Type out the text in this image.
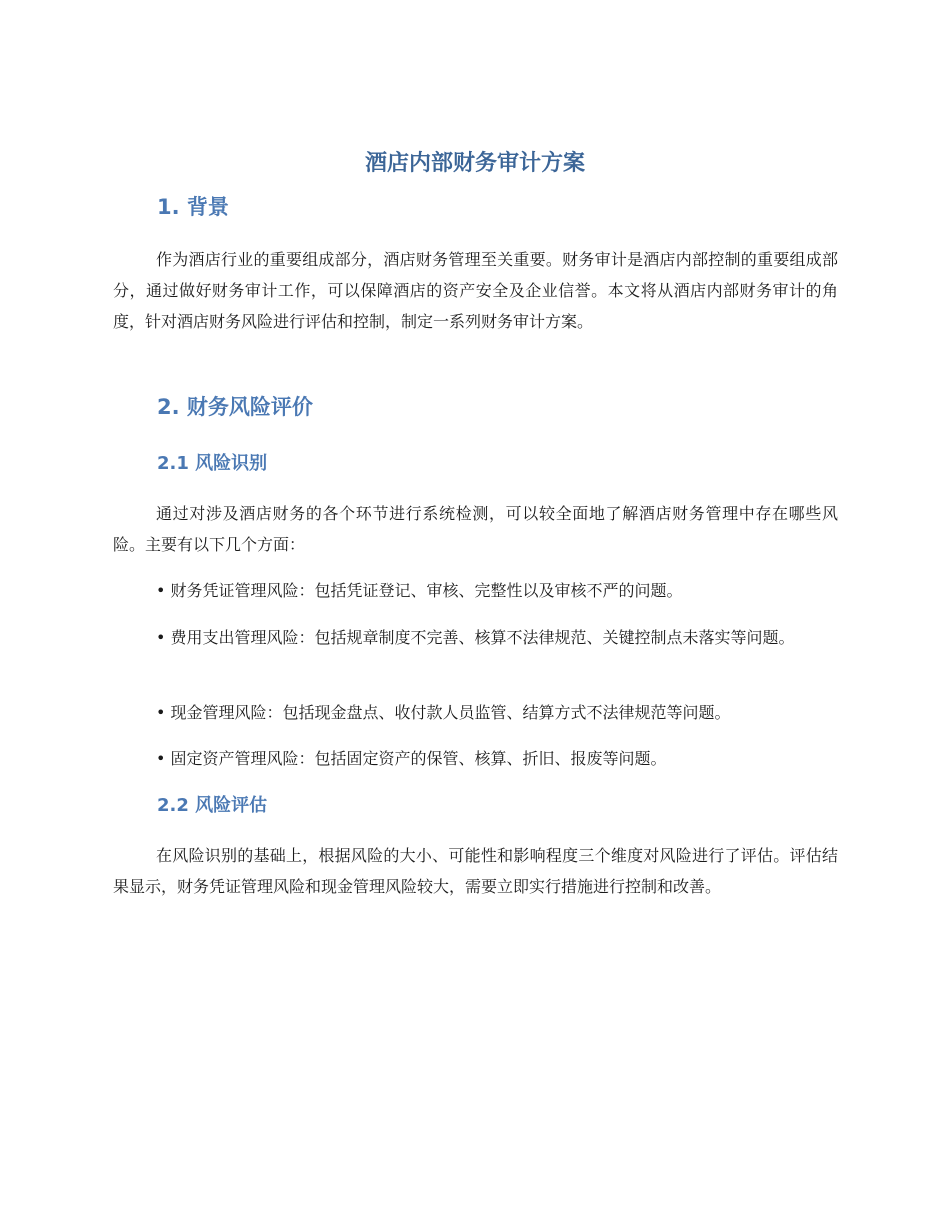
酒店内部财务审计方案
1. 背景
作为酒店行业的重要组成部分，酒店财务管理至关重要。财务审计是酒店内部控制的重要组成部分，通过做好财务审计工作，可以保障酒店的资产安全及企业信誉。本文将从酒店内部财务审计的角度，针对酒店财务风险进行评估和控制，制定一系列财务审计方案。
2. 财务风险评价
2.1 风险识别
通过对涉及酒店财务的各个环节进行系统检测，可以较全面地了解酒店财务管理中存在哪些风险。主要有以下几个方面：
• 财务凭证管理风险：包括凭证登记、审核、完整性以及审核不严的问题。
• 费用支出管理风险：包括规章制度不完善、核算不法律规范、关键控制点未落实等问题。
• 现金管理风险：包括现金盘点、收付款人员监管、结算方式不法律规范等问题。
• 固定资产管理风险：包括固定资产的保管、核算、折旧、报废等问题。
2.2 风险评估
在风险识别的基础上，根据风险的大小、可能性和影响程度三个维度对风险进行了评估。评估结果显示，财务凭证管理风险和现金管理风险较大，需要立即实行措施进行控制和改善。
